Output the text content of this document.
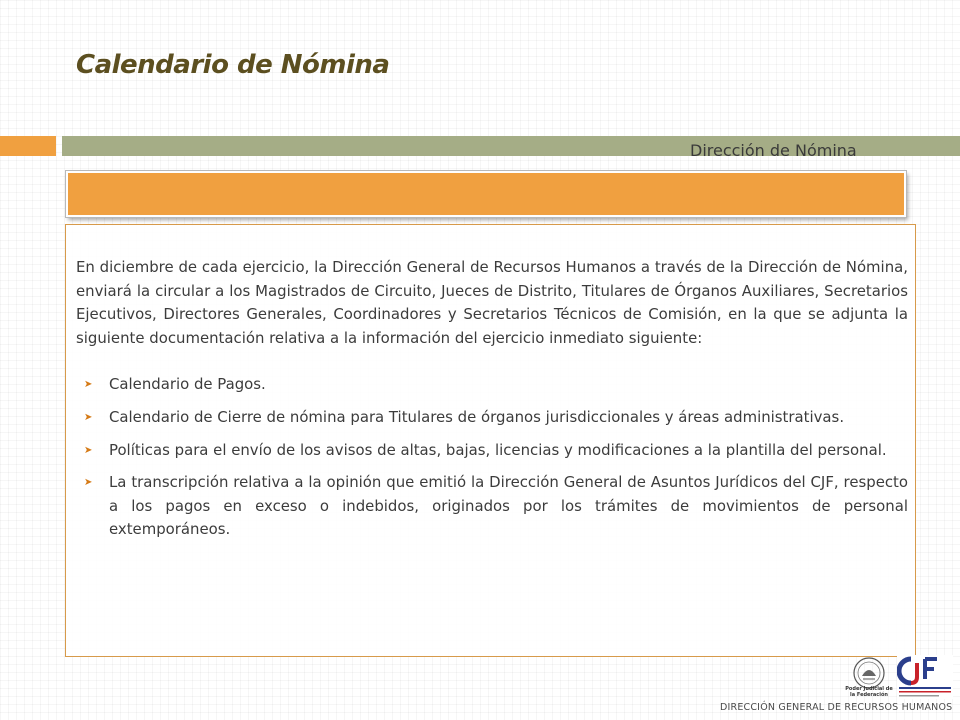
Calendario de Nómina
Dirección de Nómina

En diciembre de cada ejercicio, la Dirección General de Recursos Humanos a través de la Dirección de Nómina, enviará la circular a los Magistrados de Circuito, Jueces de Distrito, Titulares de Órganos Auxiliares, Secretarios Ejecutivos, Directores Generales, Coordinadores y Secretarios Técnicos de Comisión, en la que se adjunta la siguiente documentación relativa a la información del ejercicio inmediato siguiente:

➤ Calendario de Pagos.
➤ Calendario de Cierre de nómina para Titulares de órganos jurisdiccionales y áreas administrativas.
➤ Políticas para el envío de los avisos de altas, bajas, licencias y modificaciones a la plantilla del personal.
➤ La transcripción relativa a la opinión que emitió la Dirección General de Asuntos Jurídicos del CJF, respecto a los pagos en exceso o indebidos, originados por los trámites de movimientos de personal extemporáneos.
Poder Judicial de la Federación
DIRECCIÓN GENERAL DE RECURSOS HUMANOS
